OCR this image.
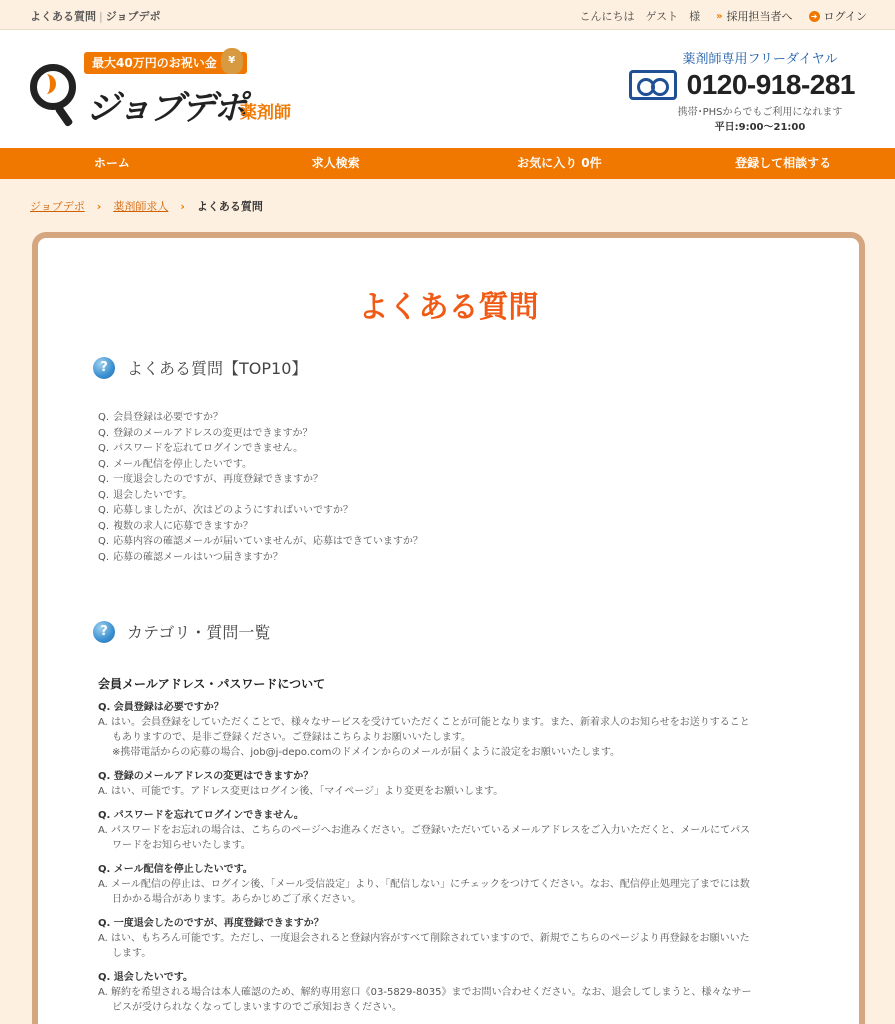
よくある質問 | ジョブデポ	こんにちは　ゲスト　様 » 採用担当者へ ➜ ログイン
最大40万円のお祝い金	¥
ジョブデポ
薬剤師
薬剤師専用フリーダイヤル
0120-918-281
携帯･PHSからでもご利用になれます
平日:9:00〜21:00
ホーム	求人検索	お気に入り 0件	登録して相談する
ジョブデポ › 薬剤師求人 › よくある質問
よくある質問
?	よくある質問【TOP10】
Q. 会員登録は必要ですか？
Q. 登録のメールアドレスの変更はできますか？
Q. パスワードを忘れてログインできません。
Q. メール配信を停止したいです。
Q. 一度退会したのですが、再度登録できますか？
Q. 退会したいです。
Q. 応募しましたが、次はどのようにすればいいですか？
Q. 複数の求人に応募できますか？
Q. 応募内容の確認メールが届いていませんが、応募はできていますか？
Q. 応募の確認メールはいつ届きますか？
?	カテゴリ・質問一覧
会員メールアドレス・パスワードについて
Q. 会員登録は必要ですか？
A. はい。会員登録をしていただくことで、様々なサービスを受けていただくことが可能となります。また、新着求人のお知らせをお送りすることもありますので、是非ご登録ください。ご登録はこちらよりお願いいたします。
※携帯電話からの応募の場合、job@j-depo.comのドメインからのメールが届くように設定をお願いいたします。
Q. 登録のメールアドレスの変更はできますか？
A. はい、可能です。アドレス変更はログイン後、「マイページ」より変更をお願いします。
Q. パスワードを忘れてログインできません。
A. パスワードをお忘れの場合は、こちらのページへお進みください。ご登録いただいているメールアドレスをご入力いただくと、メールにてパスワードをお知らせいたします。
Q. メール配信を停止したいです。
A. メール配信の停止は、ログイン後、「メール受信設定」より、「配信しない」にチェックをつけてください。なお、配信停止処理完了までには数日かかる場合があります。あらかじめご了承ください。
Q. 一度退会したのですが、再度登録できますか？
A. はい、もちろん可能です。ただし、一度退会されると登録内容がすべて削除されていますので、新規でこちらのページより再登録をお願いいたします。
Q. 退会したいです。
A. 解約を希望される場合は本人確認のため、解約専用窓口《03-5829-8035》までお問い合わせください。なお、退会してしまうと、様々なサービスが受けられなくなってしまいますのでご承知おきください。
